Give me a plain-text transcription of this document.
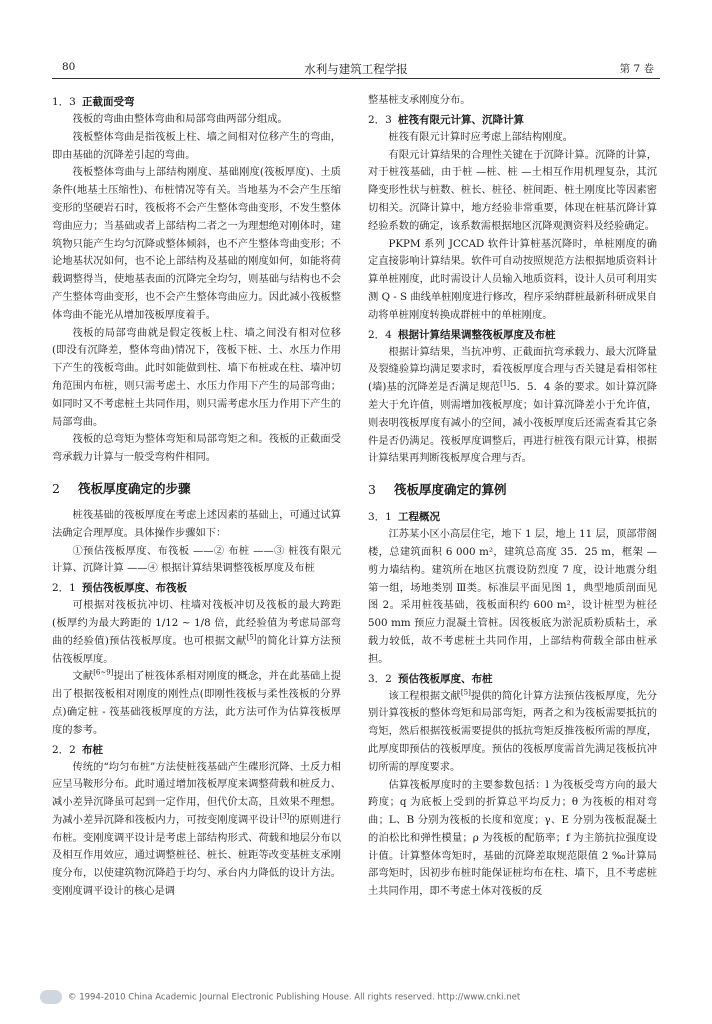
80	水利与建筑工程学报	第 7 卷
1．3 正截面受弯

筏板的弯曲由整体弯曲和局部弯曲两部分组成。

筏板整体弯曲是指筏板上柱、墙之间相对位移产生的弯曲，即由基础的沉降差引起的弯曲。

筏板整体弯曲与上部结构刚度、基础刚度(筏板厚度)、土质条件(地基土压缩性)、布桩情况等有关。当地基为不会产生压缩变形的坚硬岩石时，筏板将不会产生整体弯曲变形，不发生整体弯曲应力；当基础或者上部结构二者之一为理想绝对刚体时，建筑物只能产生均匀沉降或整体倾斜，也不产生整体弯曲变形；不论地基状况如何，也不论上部结构及基础的刚度如何，如能将荷载调整得当，使地基表面的沉降完全均匀，则基础与结构也不会产生整体弯曲变形，也不会产生整体弯曲应力。因此减小筏板整体弯曲不能光从增加筏板厚度着手。

筏板的局部弯曲就是假定筏板上柱、墙之间没有相对位移(即没有沉降差，整体弯曲)情况下，筏板下桩、土、水压力作用下产生的筏板弯曲。此时如能做到柱、墙下布桩或在柱、墙冲切角范围内布桩，则只需考虑土、水压力作用下产生的局部弯曲；如同时又不考虑桩土共同作用，则只需考虑水压力作用下产生的局部弯曲。

筏板的总弯矩为整体弯矩和局部弯矩之和。筏板的正截面受弯承载力计算与一般受弯构件相同。

2 筏板厚度确定的步骤

桩筏基础的筏板厚度在考虑上述因素的基础上，可通过试算法确定合理厚度。具体操作步骤如下：

①预估筏板厚度、布筏板 ——② 布桩 ——③ 桩筏有限元计算、沉降计算 ——④ 根据计算结果调整筏板厚度及布桩

2．1 预估筏板厚度、布筏板

可根据对筏板抗冲切、柱墙对筏板冲切及筏板的最大跨距(板厚约为最大跨距的 1/12 ~ 1/8 倍，此经验值为考虑局部弯曲的经验值)预估筏板厚度。也可根据文献[5]的简化计算方法预估筏板厚度。

文献[6~9]提出了桩筏体系相对刚度的概念，并在此基础上提出了根据筏板相对刚度的刚性点(即刚性筏板与柔性筏板的分界点)确定桩 - 筏基础筏板厚度的方法，此方法可作为估算筏板厚度的参考。

2．2 布桩

传统的“均匀布桩”方法使桩筏基础产生碟形沉降、土反力相应呈马鞍形分布。此时通过增加筏板厚度来调整荷载和桩反力、减小差异沉降虽可起到一定作用，但代价太高，且效果不理想。为减小差异沉降和筏板内力，可按变刚度调平设计[3]的原则进行布桩。变刚度调平设计是考虑上部结构形式、荷载和地层分布以及相互作用效应，通过调整桩径、桩长、桩距等改变基桩支承刚度分布，以使建筑物沉降趋于均匀、承台内力降低的设计方法。变刚度调平设计的核心是调

整基桩支承刚度分布。

2．3 桩筏有限元计算、沉降计算

桩筏有限元计算时应考虑上部结构刚度。

有限元计算结果的合理性关键在于沉降计算。沉降的计算，对于桩筏基础，由于桩 —桩、桩 —土相互作用机理复杂，其沉降变形性状与桩数、桩长、桩径、桩间距、桩土刚度比等因素密切相关。沉降计算中，地方经验非常重要，体现在桩基沉降计算经验系数的确定，该系数需根据地区沉降观测资料及经验确定。

PKPM 系列 JCCAD 软件计算桩基沉降时，单桩刚度的确定直接影响计算结果。软件可自动按照规范方法根据地质资料计算单桩刚度，此时需设计人员输入地质资料，设计人员可利用实测 Q - S 曲线单桩刚度进行修改，程序采纳群桩最新科研成果自动将单桩刚度转换成群桩中的单桩刚度。

2．4 根据计算结果调整筏板厚度及布桩

根据计算结果，当抗冲剪、正截面抗弯承载力、最大沉降量及裂缝验算均满足要求时，看筏板厚度合理与否关键是看相邻柱(墙)基的沉降差是否满足规范[1]5．5．4 条的要求。如计算沉降差大于允许值，则需增加筏板厚度；如计算沉降差小于允许值，则表明筏板厚度有减小的空间，减小筏板厚度后还需查看其它条件是否仍满足。筏板厚度调整后，再进行桩筏有限元计算，根据计算结果再判断筏板厚度合理与否。

3 筏板厚度确定的算例
3．1 工程概况

江苏某小区小高层住宅，地下 1 层，地上 11 层，顶部带阁楼，总建筑面积 6 000 m²，建筑总高度 35．25 m，框架 —剪力墙结构。建筑所在地区抗震设防烈度 7 度，设计地震分组第一组，场地类别 Ⅲ类。标准层平面见图 1，典型地质剖面见图 2。采用桩筏基础，筏板面积约 600 m²，设计桩型为桩径 500 mm 预应力混凝土管桩。因筏板底为淤泥质粉质粘土，承载力较低，故不考虑桩土共同作用，上部结构荷载全部由桩承担。

3．2 预估筏板厚度、布桩

该工程根据文献[5]提供的简化计算方法预估筏板厚度，先分别计算筏板的整体弯矩和局部弯矩，两者之和为筏板需要抵抗的弯矩，然后根据筏板需要提供的抵抗弯矩反推筏板所需的厚度，此厚度即预估的筏板厚度。预估的筏板厚度需首先满足筏板抗冲切所需的厚度要求。

估算筏板厚度时的主要参数包括：l 为筏板受弯方向的最大跨度；q 为底板上受到的折算总平均反力；θ 为筏板的相对弯曲；L、B 分别为筏板的长度和宽度；γ、E 分别为筏板混凝土的泊松比和弹性模量；ρ 为筏板的配筋率；f 为主筋抗拉强度设计值。计算整体弯矩时，基础的沉降差取规范限值 2 ‰计算局部弯矩时，因初步布桩时能保证桩均布在柱、墙下，且不考虑桩土共同作用，即不考虑土体对筏板的反

© 1994-2010 China Academic Journal Electronic Publishing House. All rights reserved. http://www.cnki.net
